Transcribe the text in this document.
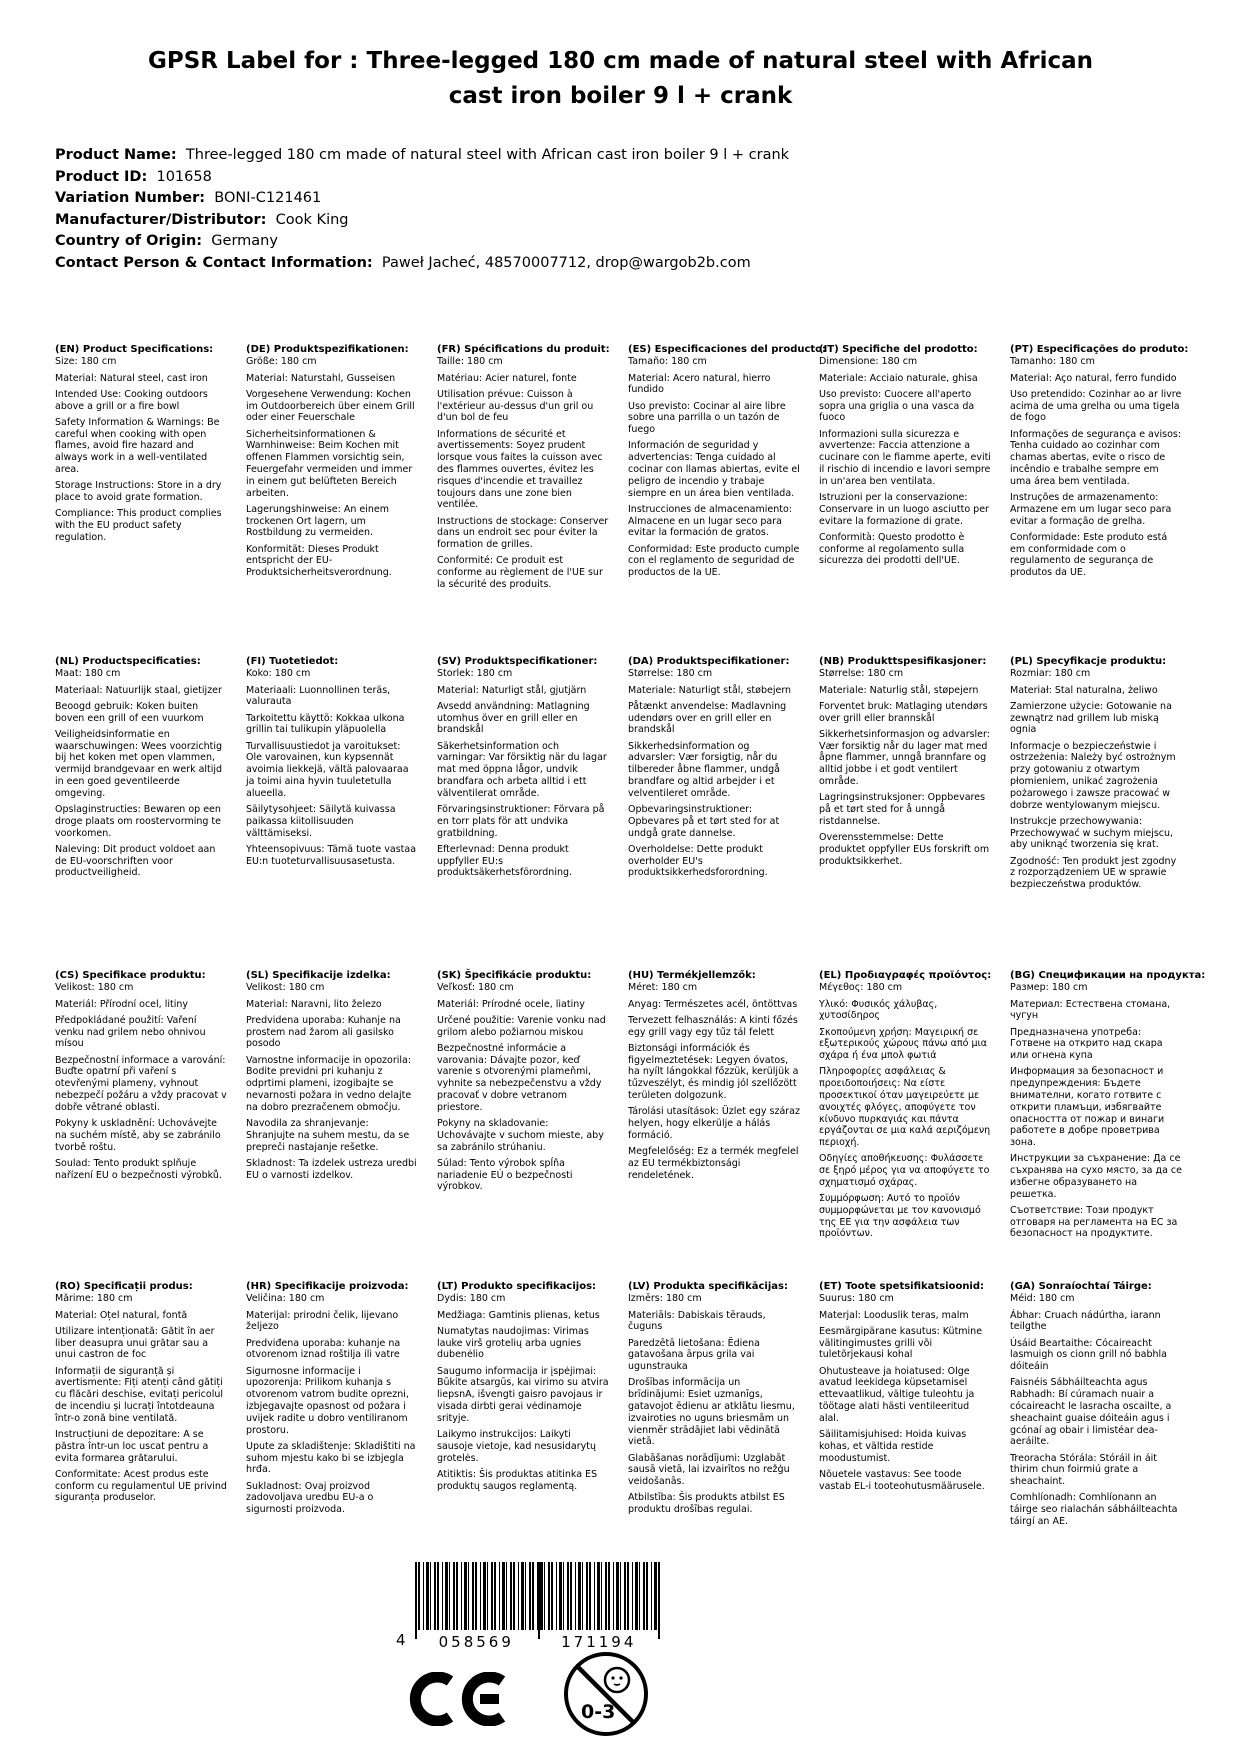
GPSR Label for : Three-legged 180 cm made of natural steel with African cast iron boiler 9 l + crank
Product Name:  Three-legged 180 cm made of natural steel with African cast iron boiler 9 l + crank
Product ID:  101658
Variation Number:  BONI-C121461
Manufacturer/Distributor:  Cook King
Country of Origin:  Germany
Contact Person & Contact Information:  Paweł Jacheć, 48570007712, drop@wargob2b.com
(EN) Product Specifications:

Size: 180 cm

Material: Natural steel, cast iron

Intended Use: Cooking outdoors above a grill or a fire bowl

Safety Information & Warnings: Be careful when cooking with open flames, avoid fire hazard and always work in a well-ventilated area.

Storage Instructions: Store in a dry place to avoid grate formation.

Compliance: This product complies with the EU product safety regulation.

(DE) Produktspezifikationen:

Größe: 180 cm

Material: Naturstahl, Gusseisen

Vorgesehene Verwendung: Kochen im Outdoorbereich über einem Grill oder einer Feuerschale

Sicherheitsinformationen & Warnhinweise: Beim Kochen mit offenen Flammen vorsichtig sein, Feuergefahr vermeiden und immer in einem gut belüfteten Bereich arbeiten.

Lagerungshinweise: An einem trockenen Ort lagern, um Rostbildung zu vermeiden.

Konformität: Dieses Produkt entspricht der EU-Produktsicherheitsverordnung.

(FR) Spécifications du produit:

Taille: 180 cm

Matériau: Acier naturel, fonte

Utilisation prévue: Cuisson à l'extérieur au-dessus d'un gril ou d'un bol de feu

Informations de sécurité et avertissements: Soyez prudent lorsque vous faites la cuisson avec des flammes ouvertes, évitez les risques d'incendie et travaillez toujours dans une zone bien ventilée.

Instructions de stockage: Conserver dans un endroit sec pour éviter la formation de grilles.

Conformité: Ce produit est conforme au règlement de l'UE sur la sécurité des produits.

(ES) Especificaciones del producto:

Tamaño: 180 cm

Material: Acero natural, hierro fundido

Uso previsto: Cocinar al aire libre sobre una parrilla o un tazón de fuego

Información de seguridad y advertencias: Tenga cuidado al cocinar con llamas abiertas, evite el peligro de incendio y trabaje siempre en un área bien ventilada.

Instrucciones de almacenamiento: Almacene en un lugar seco para evitar la formación de gratos.

Conformidad: Este producto cumple con el reglamento de seguridad de productos de la UE.

(IT) Specifiche del prodotto:

Dimensione: 180 cm

Materiale: Acciaio naturale, ghisa

Uso previsto: Cuocere all'aperto sopra una griglia o una vasca da fuoco

Informazioni sulla sicurezza e avvertenze: Faccia attenzione a cucinare con le fiamme aperte, eviti il rischio di incendio e lavori sempre in un'area ben ventilata.

Istruzioni per la conservazione: Conservare in un luogo asciutto per evitare la formazione di grate.

Conformità: Questo prodotto è conforme al regolamento sulla sicurezza dei prodotti dell'UE.

(PT) Especificações do produto:

Tamanho: 180 cm

Material: Aço natural, ferro fundido

Uso pretendido: Cozinhar ao ar livre acima de uma grelha ou uma tigela de fogo

Informações de segurança e avisos: Tenha cuidado ao cozinhar com chamas abertas, evite o risco de incêndio e trabalhe sempre em uma área bem ventilada.

Instruções de armazenamento: Armazene em um lugar seco para evitar a formação de grelha.

Conformidade: Este produto está em conformidade com o regulamento de segurança de produtos da UE.

(NL) Productspecificaties:

Maat: 180 cm

Materiaal: Natuurlijk staal, gietijzer

Beoogd gebruik: Koken buiten boven een grill of een vuurkom

Veiligheidsinformatie en waarschuwingen: Wees voorzichtig bij het koken met open vlammen, vermijd brandgevaar en werk altijd in een goed geventileerde omgeving.

Opslaginstructies: Bewaren op een droge plaats om roostervorming te voorkomen.

Naleving: Dit product voldoet aan de EU-voorschriften voor productveiligheid.

(FI) Tuotetiedot:

Koko: 180 cm

Materiaali: Luonnollinen teräs, valurauta

Tarkoitettu käyttö: Kokkaa ulkona grillin tai tulikupin yläpuolella

Turvallisuustiedot ja varoitukset: Ole varovainen, kun kypsennät avoimia liekkejä, vältä palovaaraa ja toimi aina hyvin tuuletetulla alueella.

Säilytysohjeet: Säilytä kuivassa paikassa kiitollisuuden välttämiseksi.

Yhteensopivuus: Tämä tuote vastaa EU:n tuoteturvallisuusasetusta.

(SV) Produktspecifikationer:

Storlek: 180 cm

Material: Naturligt stål, gjutjärn

Avsedd användning: Matlagning utomhus över en grill eller en brandskål

Säkerhetsinformation och varningar: Var försiktig när du lagar mat med öppna lågor, undvik brandfara och arbeta alltid i ett välventilerat område.

Förvaringsinstruktioner: Förvara på en torr plats för att undvika gratbildning.

Efterlevnad: Denna produkt uppfyller EU:s produktsäkerhetsförordning.

(DA) Produktspecifikationer:

Størrelse: 180 cm

Materiale: Naturligt stål, støbejern

Påtænkt anvendelse: Madlavning udendørs over en grill eller en brandskål

Sikkerhedsinformation og advarsler: Vær forsigtig, når du tilbereder åbne flammer, undgå brandfare og altid arbejder i et velventileret område.

Opbevaringsinstruktioner: Opbevares på et tørt sted for at undgå grate dannelse.

Overholdelse: Dette produkt overholder EU's produktsikkerhedsforordning.

(NB) Produkttspesifikasjoner:

Størrelse: 180 cm

Materiale: Naturlig stål, støpejern

Forventet bruk: Matlaging utendørs over grill eller brannskål

Sikkerhetsinformasjon og advarsler: Vær forsiktig når du lager mat med åpne flammer, unngå brannfare og alltid jobbe i et godt ventilert område.

Lagringsinstruksjoner: Oppbevares på et tørt sted for å unngå ristdannelse.

Overensstemmelse: Dette produktet oppfyller EUs forskrift om produktsikkerhet.

(PL) Specyfikacje produktu:

Rozmiar: 180 cm

Materiał: Stal naturalna, żeliwo

Zamierzone użycie: Gotowanie na zewnątrz nad grillem lub miską ognia

Informacje o bezpieczeństwie i ostrzeżenia: Należy być ostrożnym przy gotowaniu z otwartym płomieniem, unikać zagrożenia pożarowego i zawsze pracować w dobrze wentylowanym miejscu.

Instrukcje przechowywania: Przechowywać w suchym miejscu, aby uniknąć tworzenia się krat.

Zgodność: Ten produkt jest zgodny z rozporządzeniem UE w sprawie bezpieczeństwa produktów.

(CS) Specifikace produktu:

Velikost: 180 cm

Materiál: Přírodní ocel, litiny

Předpokládané použití: Vaření venku nad grilem nebo ohnivou mísou

Bezpečnostní informace a varování: Buďte opatrní při vaření s otevřenými plameny, vyhnout nebezpečí požáru a vždy pracovat v dobře větrané oblasti.

Pokyny k uskladnění: Uchovávejte na suchém místě, aby se zabránilo tvorbě roštu.

Soulad: Tento produkt splňuje nařízení EU o bezpečnosti výrobků.

(SL) Specifikacije izdelka:

Velikost: 180 cm

Material: Naravni, lito železo

Predvidena uporaba: Kuhanje na prostem nad žarom ali gasilsko posodo

Varnostne informacije in opozorila: Bodite previdni pri kuhanju z odprtimi plameni, izogibajte se nevarnosti požara in vedno delajte na dobro prezračenem območju.

Navodila za shranjevanje: Shranjujte na suhem mestu, da se prepreči nastajanje rešetke.

Skladnost: Ta izdelek ustreza uredbi EU o varnosti izdelkov.

(SK) Špecifikácie produktu:

Veľkosť: 180 cm

Materiál: Prírodné ocele, liatiny

Určené použitie: Varenie vonku nad grilom alebo požiarnou miskou

Bezpečnostné informácie a varovania: Dávajte pozor, keď varenie s otvorenými plameňmi, vyhnite sa nebezpečenstvu a vždy pracovať v dobre vetranom priestore.

Pokyny na skladovanie: Uchovávajte v suchom mieste, aby sa zabránilo strúhaniu.

Súlad: Tento výrobok spĺňa nariadenie EÚ o bezpečnosti výrobkov.

(HU) Termékjellemzők:

Méret: 180 cm

Anyag: Természetes acél, öntöttvas

Tervezett felhasználás: A kinti főzés egy grill vagy egy tűz tál felett

Biztonsági információk és figyelmeztetések: Legyen óvatos, ha nyílt lángokkal főzzük, kerüljük a tűzveszélyt, és mindig jól szellőzött területen dolgozunk.

Tárolási utasítások: Üzlet egy száraz helyen, hogy elkerülje a hálás formáció.

Megfelelőség: Ez a termék megfelel az EU termékbiztonsági rendeletének.

(EL) Προδιαγραφές προϊόντος:

Μέγεθος: 180 cm

Υλικό: Φυσικός χάλυβας, χυτοσίδηρος

Σκοπούμενη χρήση: Μαγειρική σε εξωτερικούς χώρους πάνω από μια σχάρα ή ένα μπολ φωτιά

Πληροφορίες ασφάλειας & προειδοποιήσεις: Να είστε προσεκτικοί όταν μαγειρεύετε με ανοιχτές φλόγες, αποφύγετε τον κίνδυνο πυρκαγιάς και πάντα εργάζονται σε μια καλά αεριζόμενη περιοχή.

Οδηγίες αποθήκευσης: Φυλάσσετε σε ξηρό μέρος για να αποφύγετε το σχηματισμό σχάρας.

Συμμόρφωση: Αυτό το προϊόν συμμορφώνεται με τον κανονισμό της ΕΕ για την ασφάλεια των προϊόντων.

(BG) Спецификации на продукта:

Размер: 180 cm

Материал: Естествена стомана, чугун

Предназначена употреба: Готвене на открито над скара или огнена купа

Информация за безопасност и предупреждения: Бъдете внимателни, когато готвите с открити пламъци, избягвайте опасността от пожар и винаги работете в добре проветрива зона.

Инструкции за съхранение: Да се съхранява на сухо място, за да се избегне образуването на решетка.

Съответствие: Този продукт отговаря на регламента на ЕС за безопасност на продуктите.

(RO) Specificații produs:

Mărime: 180 cm

Material: Oțel natural, fontă

Utilizare intenționată: Gătit în aer liber deasupra unui grătar sau a unui castron de foc

Informații de siguranță și avertismente: Fiți atenți când gătiți cu flăcări deschise, evitați pericolul de incendiu și lucrați întotdeauna într-o zonă bine ventilată.

Instrucțiuni de depozitare: A se păstra într-un loc uscat pentru a evita formarea grătarului.

Conformitate: Acest produs este conform cu regulamentul UE privind siguranța produselor.

(HR) Specifikacije proizvoda:

Veličina: 180 cm

Materijal: prirodni čelik, lijevano željezo

Predviđena uporaba: kuhanje na otvorenom iznad roštilja ili vatre

Sigurnosne informacije i upozorenja: Prilikom kuhanja s otvorenom vatrom budite oprezni, izbjegavajte opasnost od požara i uvijek radite u dobro ventiliranom prostoru.

Upute za skladištenje: Skladištiti na suhom mjestu kako bi se izbjegla hrđa.

Sukladnost: Ovaj proizvod zadovoljava uredbu EU-a o sigurnosti proizvoda.

(LT) Produkto specifikacijos:

Dydis: 180 cm

Medžiaga: Gamtinis plienas, ketus

Numatytas naudojimas: Virimas lauke virš grotelių arba ugnies dubenėlio

Saugumo informacija ir įspėjimai: Būkite atsargūs, kai virimo su atvira liepsnA, išvengti gaisro pavojaus ir visada dirbti gerai vėdinamoje srityje.

Laikymo instrukcijos: Laikyti sausoje vietoje, kad nesusidarytų grotelės.

Atitiktis: Šis produktas atitinka ES produktų saugos reglamentą.

(LV) Produkta specifikācijas:

Izmērs: 180 cm

Materiāls: Dabiskais tērauds, čuguns

Paredzētā lietošana: Ēdiena gatavošana ārpus grila vai ugunstrauka

Drošības informācija un brīdinājumi: Esiet uzmanīgs, gatavojot ēdienu ar atklātu liesmu, izvairoties no uguns briesmām un vienmēr strādājiet labi vēdinātā vietā.

Glabāšanas norādījumi: Uzglabāt sausā vietā, lai izvairītos no režģu veidošanās.

Atbilstība: Šis produkts atbilst ES produktu drošības regulai.

(ET) Toote spetsifikatsioonid:

Suurus: 180 cm

Materjal: Looduslik teras, malm

Eesmärgipärane kasutus: Kütmine välitingimustes grilli või tuletõrjekausi kohal

Ohutusteave ja hoiatused: Olge avatud leekidega küpsetamisel ettevaatlikud, vältige tuleohtu ja töötage alati hästi ventileeritud alal.

Säilitamisjuhised: Hoida kuivas kohas, et vältida restide moodustumist.

Nõuetele vastavus: See toode vastab EL-i tooteohutusmäärusele.

(GA) Sonraíochtaí Táirge:

Méid: 180 cm

Ábhar: Cruach nádúrtha, iarann teilgthe

Úsáid Beartaithe: Cócaireacht lasmuigh os cionn grill nó babhla dóiteáin

Faisnéis Sábháilteachta agus Rabhadh: Bí cúramach nuair a cócaireacht le lasracha oscailte, a sheachaint guaise dóiteáin agus i gcónaí ag obair i limistéar dea-aeráilte.

Treoracha Stórála: Stóráil in áit thirim chun foirmiú grate a sheachaint.

Comhlíonadh: Comhlíonann an táirge seo rialachán sábháilteachta táirgí an AE.

4	058569	171194
0-3
